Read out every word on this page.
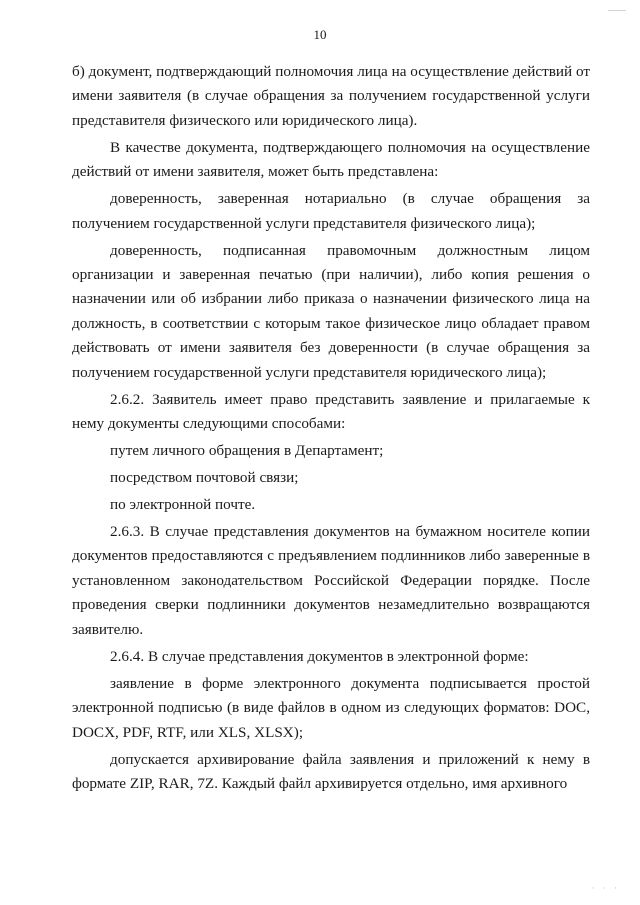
10

б) документ, подтверждающий полномочия лица на осуществление действий от имени заявителя (в случае обращения за получением государственной услуги представителя физического или юридического лица).

В качестве документа, подтверждающего полномочия на осуществление действий от имени заявителя, может быть представлена:

доверенность, заверенная нотариально (в случае обращения за получением государственной услуги представителя физического лица);

доверенность, подписанная правомочным должностным лицом организации и заверенная печатью (при наличии), либо копия решения о назначении или об избрании либо приказа о назначении физического лица на должность, в соответствии с которым такое физическое лицо обладает правом действовать от имени заявителя без доверенности (в случае обращения за получением государственной услуги представителя юридического лица);

2.6.2. Заявитель имеет право представить заявление и прилагаемые к нему документы следующими способами:

путем личного обращения в Департамент;

посредством почтовой связи;

по электронной почте.

2.6.3. В случае представления документов на бумажном носителе копии документов предоставляются с предъявлением подлинников либо заверенные в установленном законодательством Российской Федерации порядке. После проведения сверки подлинники документов незамедлительно возвращаются заявителю.

2.6.4. В случае представления документов в электронной форме:

заявление в форме электронного документа подписывается простой электронной подписью (в виде файлов в одном из следующих форматов: DOC, DOCX, PDF, RTF, или XLS, XLSX);

допускается архивирование файла заявления и приложений к нему в формате ZIP, RAR, 7Z. Каждый файл архивируется отдельно, имя архивного

· · ·
